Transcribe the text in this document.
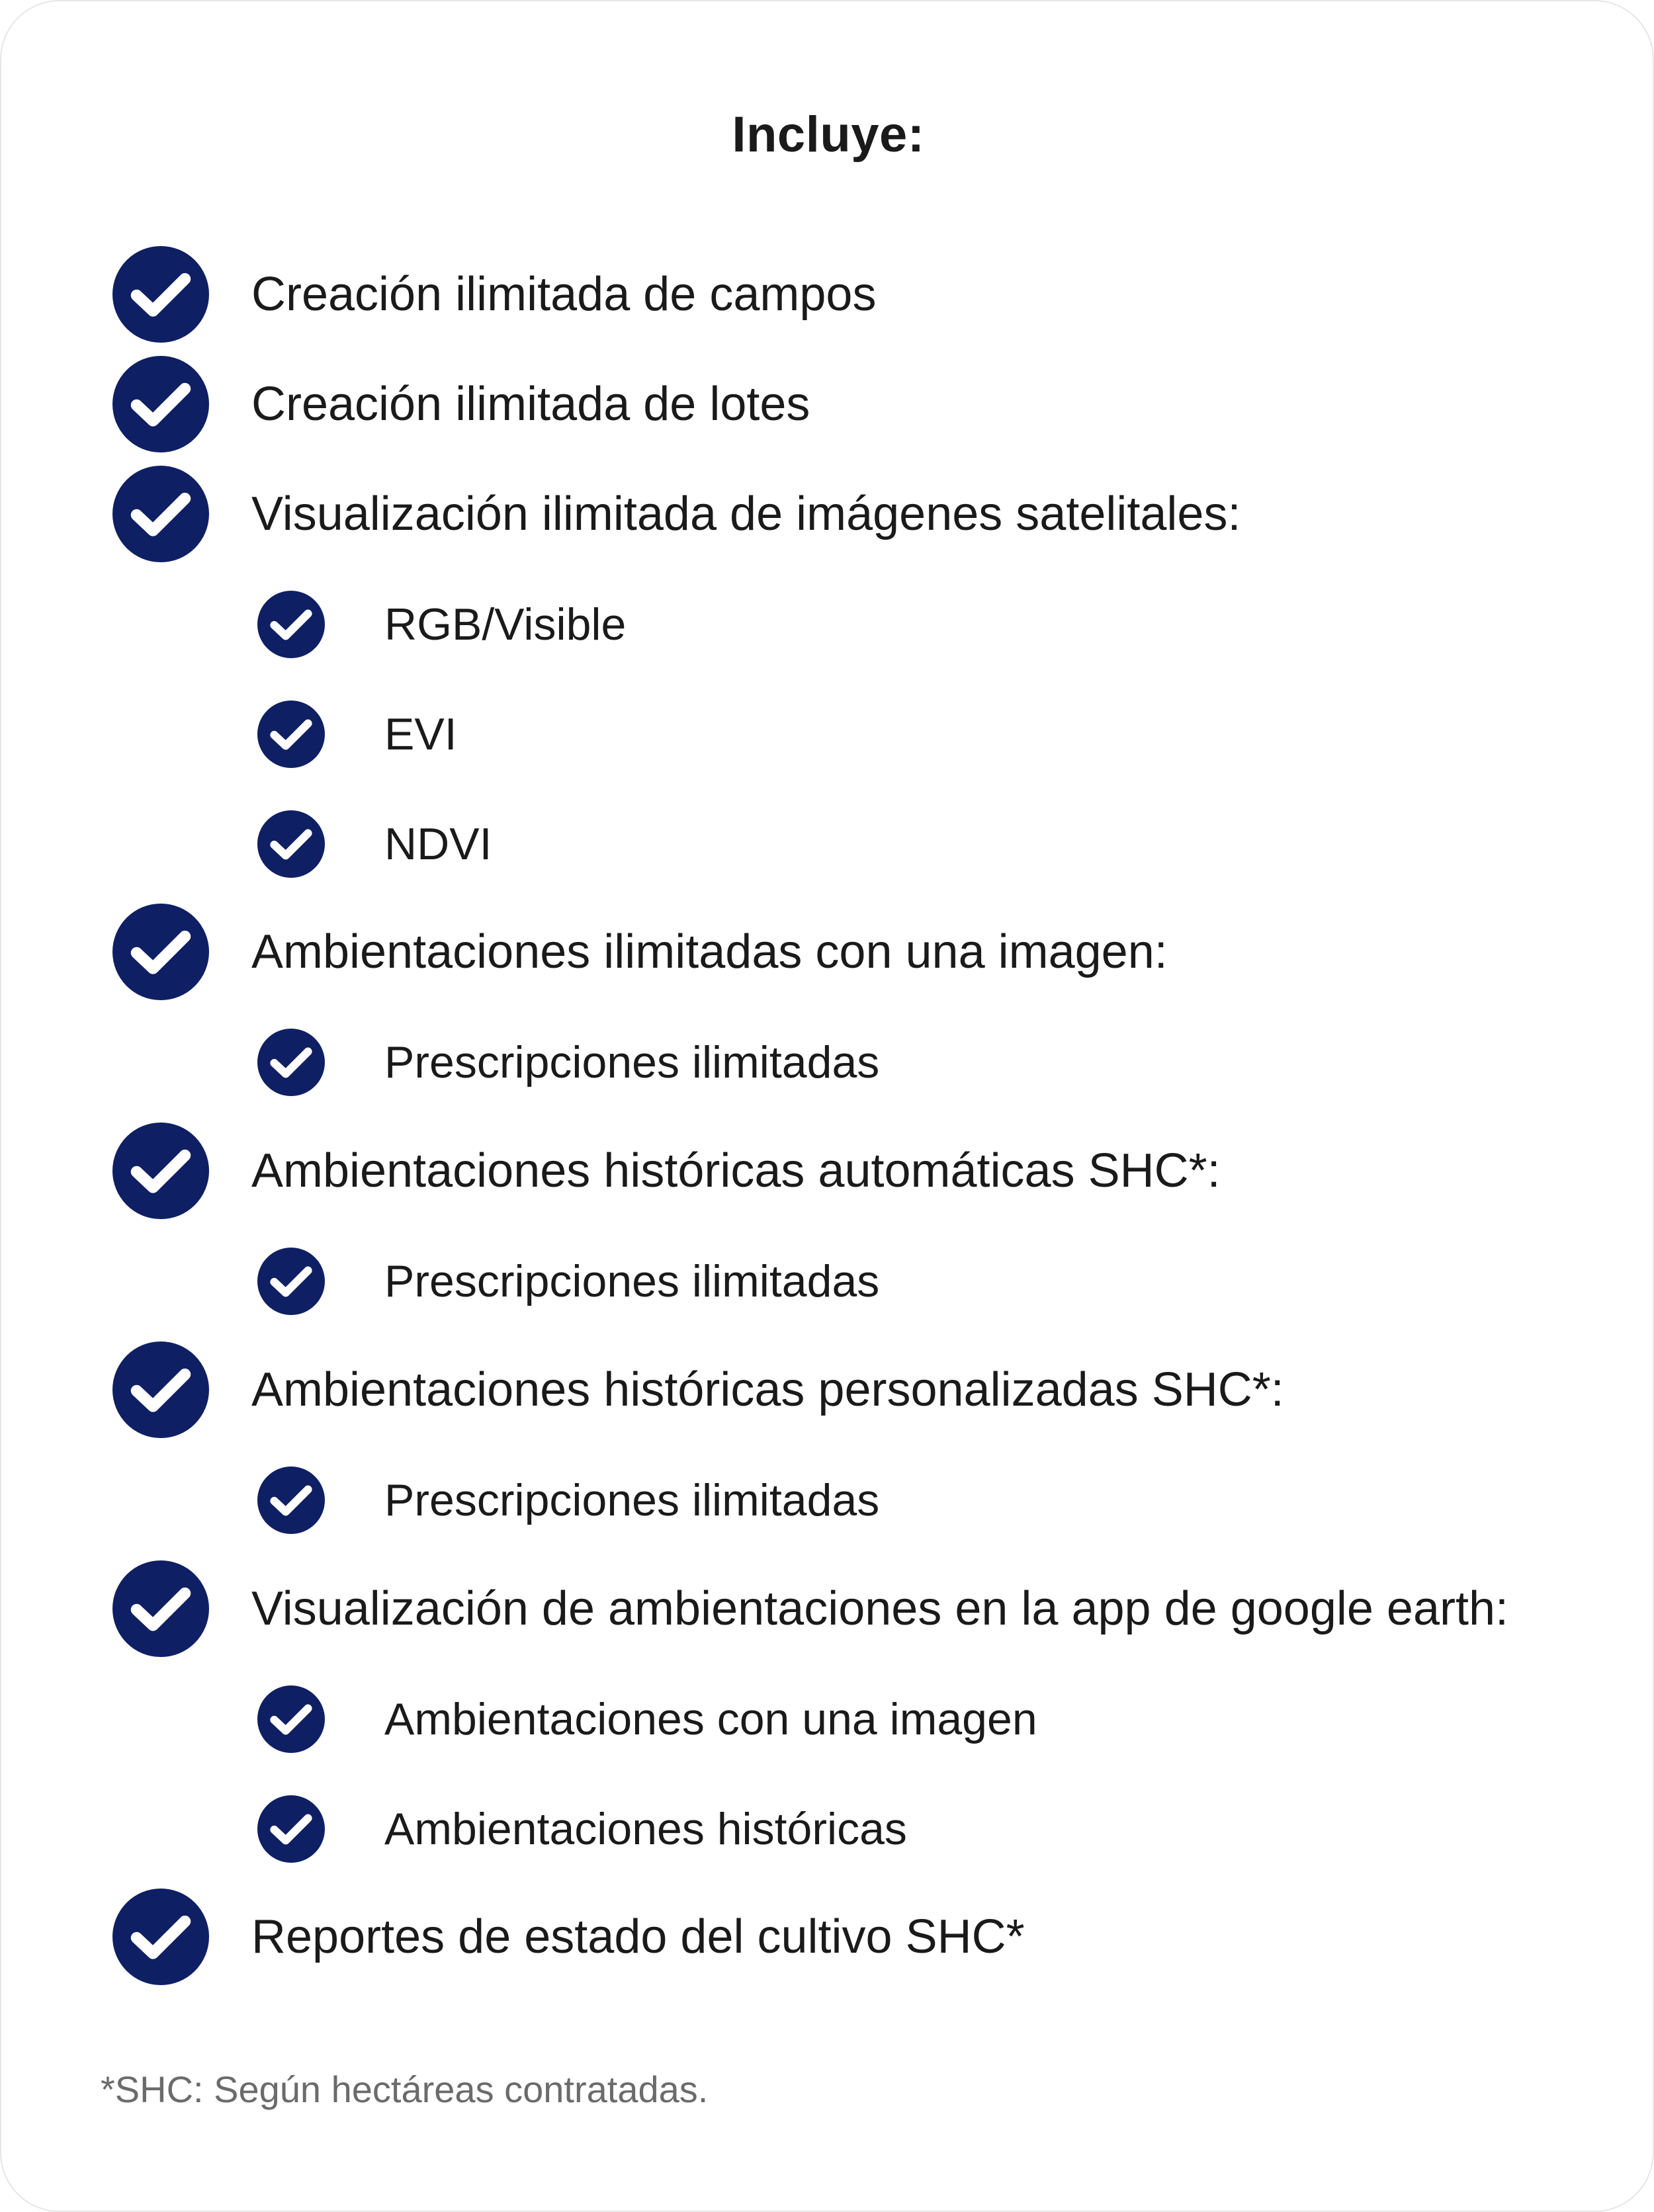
Incluye:
Creación ilimitada de campos
Creación ilimitada de lotes
Visualización ilimitada de imágenes satelitales:
RGB/Visible
EVI
NDVI
Ambientaciones ilimitadas con una imagen:
Prescripciones ilimitadas
Ambientaciones históricas automáticas SHC*:
Prescripciones ilimitadas
Ambientaciones históricas personalizadas SHC*:
Prescripciones ilimitadas
Visualización de ambientaciones en la app de google earth:
Ambientaciones con una imagen
Ambientaciones históricas
Reportes de estado del cultivo SHC*
*SHC: Según hectáreas contratadas.
